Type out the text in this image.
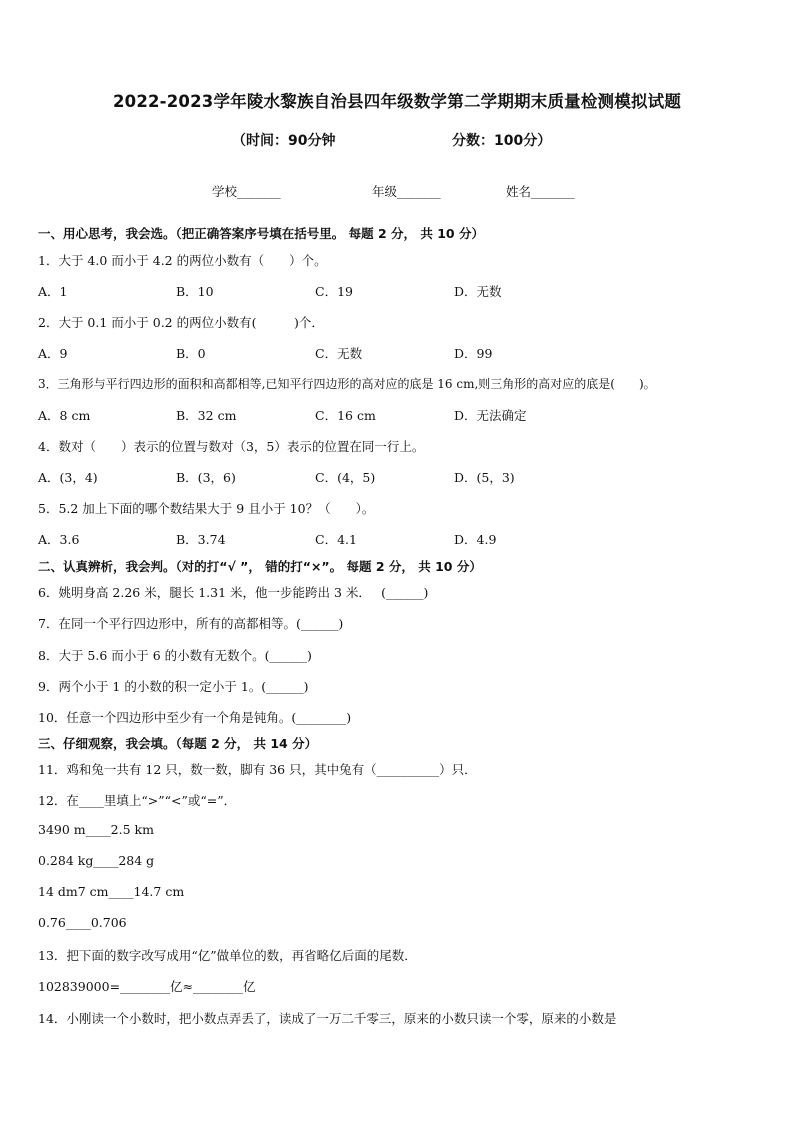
2022-2023学年陵水黎族自治县四年级数学第二学期期末质量检测模拟试题
（时间：90分钟	分数：100分）
学校_______	年级_______	姓名_______
一、用心思考，我会选。（把正确答案序号填在括号里。 每题 2 分， 共 10 分）
1．大于 4.0 而小于 4.2 的两位小数有（　　）个。
A．1	B．10	C．19	D．无数
2．大于 0.1 而小于 0.2 的两位小数有(　　　)个．
A．9	B．0	C．无数	D．99
3．三角形与平行四边形的面积和高都相等,已知平行四边形的高对应的底是 16 cm,则三角形的高对应的底是(　　)。
A．8 cm	B．32 cm	C．16 cm	D．无法确定
4．数对（　　）表示的位置与数对（3，5）表示的位置在同一行上。
A．(3，4)	B．(3，6)	C．(4，5)	D．(5，3)
5．5.2 加上下面的哪个数结果大于 9 且小于 10？（　　）。
A．3.6	B．3.74	C．4.1	D．4.9
二、认真辨析，我会判。（对的打“√ ”， 错的打“×”。 每题 2 分， 共 10 分）
6．姚明身高 2.26 米，腿长 1.31 米，他一步能跨出 3 米．　 (______)
7．在同一个平行四边形中，所有的高都相等。(______)
8．大于 5.6 而小于 6 的小数有无数个。(______)
9．两个小于 1 的小数的积一定小于 1。(______)
10．任意一个四边形中至少有一个角是钝角。(________)
三、仔细观察，我会填。（每题 2 分， 共 14 分）
11．鸡和兔一共有 12 只，数一数，脚有 36 只，其中兔有（__________）只．
12．在____里填上“>”“<”或“=”．
3490 m____2.5 km
0.284 kg____284 g
14 dm7 cm____14.7 cm
0.76____0.706
13．把下面的数字改写成用“亿”做单位的数，再省略亿后面的尾数．
102839000=________亿≈________亿
14．小刚读一个小数时，把小数点弄丢了，读成了一万二千零三，原来的小数只读一个零，原来的小数是
